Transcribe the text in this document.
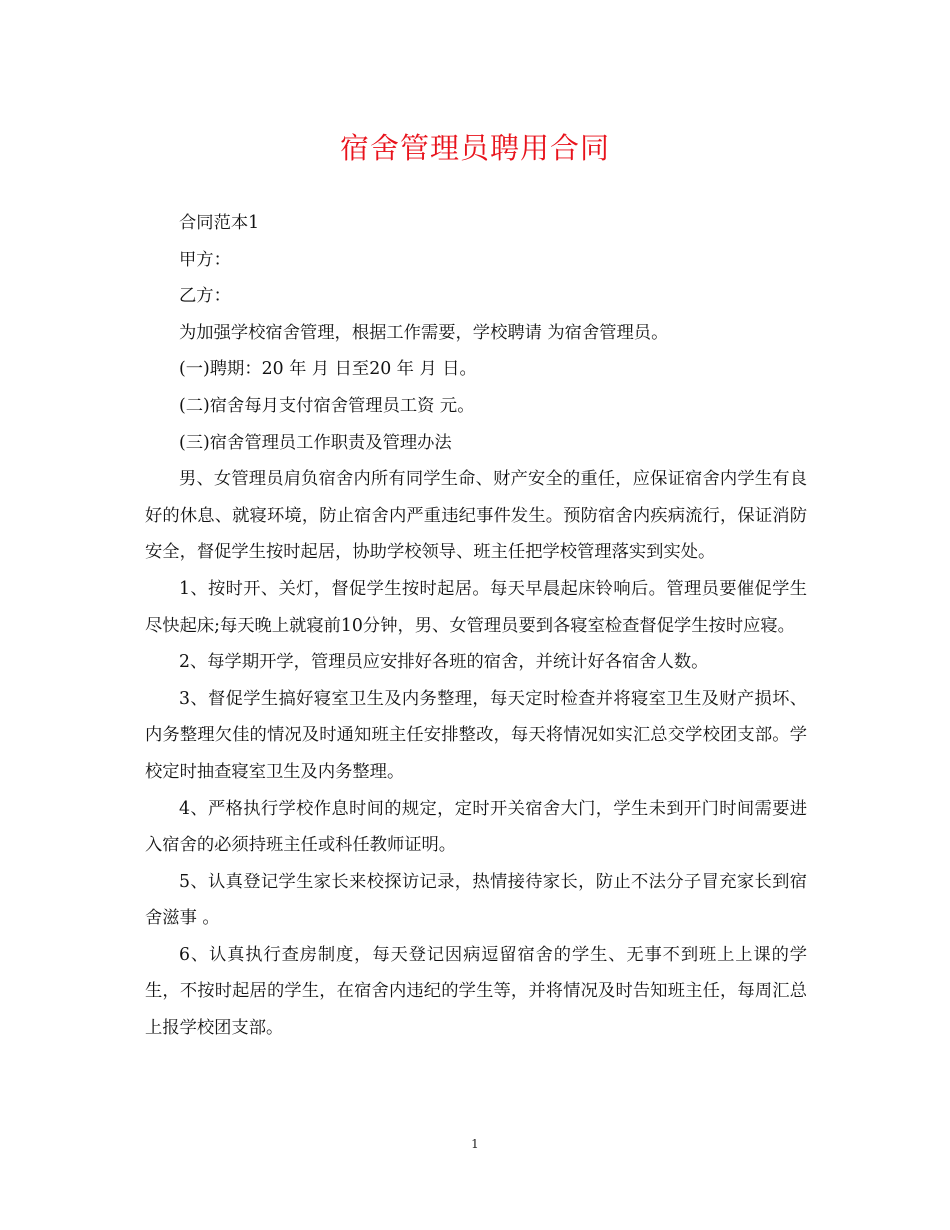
宿舍管理员聘用合同

合同范本1

甲方：

乙方：

为加强学校宿舍管理，根据工作需要，学校聘请 为宿舍管理员。

(一)聘期：20 年 月 日至20 年 月 日。

(二)宿舍每月支付宿舍管理员工资 元。

(三)宿舍管理员工作职责及管理办法

男、女管理员肩负宿舍内所有同学生命、财产安全的重任，应保证宿舍内学生有良好的休息、就寝环境，防止宿舍内严重违纪事件发生。预防宿舍内疾病流行，保证消防安全，督促学生按时起居，协助学校领导、班主任把学校管理落实到实处。

1、按时开、关灯，督促学生按时起居。每天早晨起床铃响后。管理员要催促学生尽快起床;每天晚上就寝前10分钟，男、女管理员要到各寝室检查督促学生按时应寝。

2、每学期开学，管理员应安排好各班的宿舍，并统计好各宿舍人数。

3、督促学生搞好寝室卫生及内务整理，每天定时检查并将寝室卫生及财产损坏、内务整理欠佳的情况及时通知班主任安排整改，每天将情况如实汇总交学校团支部。学校定时抽查寝室卫生及内务整理。

4、严格执行学校作息时间的规定，定时开关宿舍大门，学生未到开门时间需要进入宿舍的必须持班主任或科任教师证明。

5、认真登记学生家长来校探访记录，热情接待家长，防止不法分子冒充家长到宿舍滋事 。

6、认真执行查房制度，每天登记因病逗留宿舍的学生、无事不到班上上课的学生，不按时起居的学生，在宿舍内违纪的学生等，并将情况及时告知班主任，每周汇总上报学校团支部。

1
